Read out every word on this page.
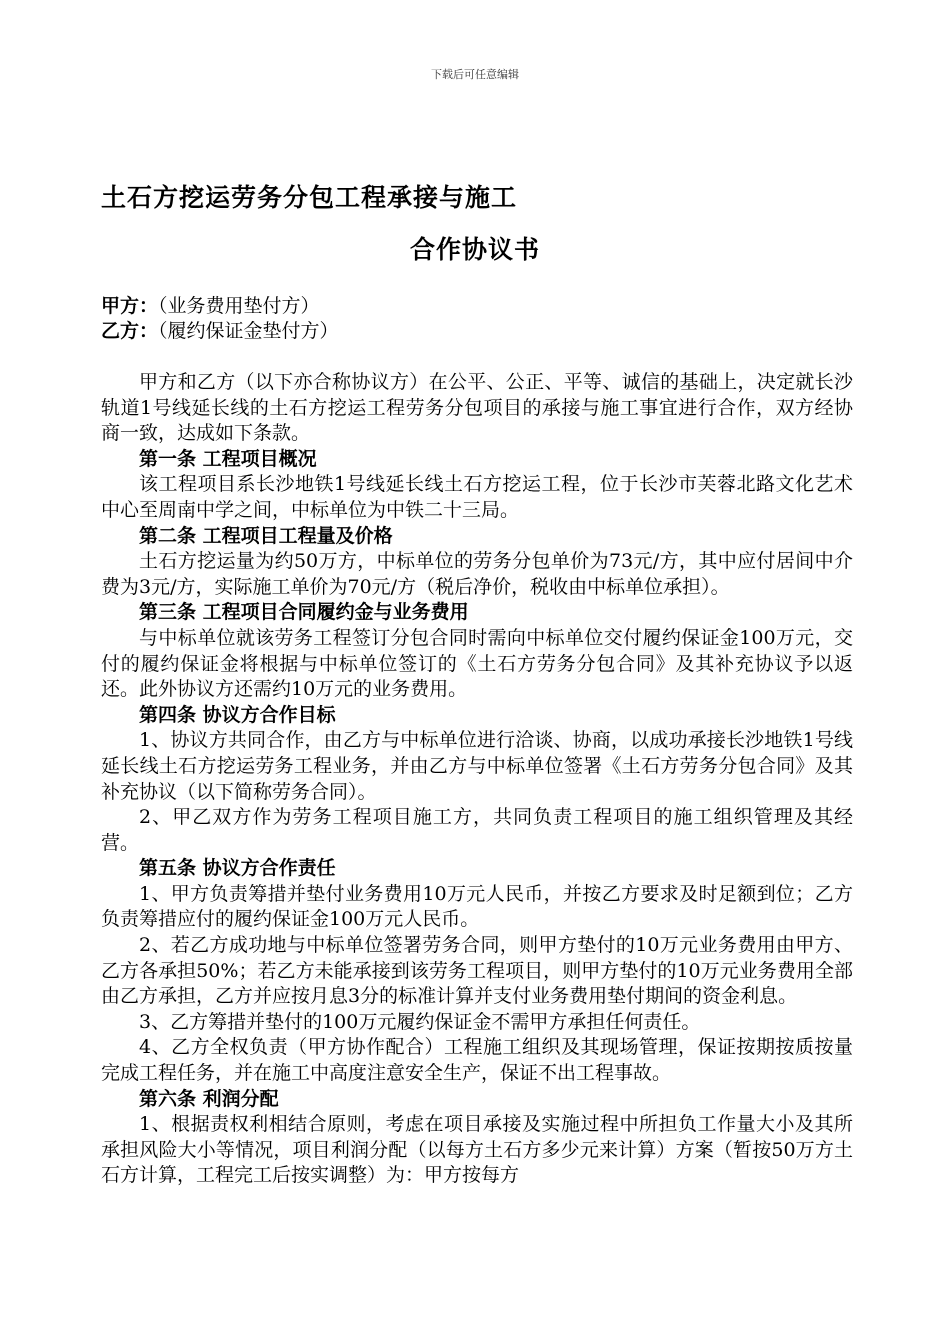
下载后可任意编辑
土石方挖运劳务分包工程承接与施工
合作协议书
甲方：（业务费用垫付方）
乙方：（履约保证金垫付方）

甲方和乙方（以下亦合称协议方）在公平、公正、平等、诚信的基础上，决定就长沙轨道1号线延长线的土石方挖运工程劳务分包项目的承接与施工事宜进行合作，双方经协商一致，达成如下条款。

第一条 工程项目概况

该工程项目系长沙地铁1号线延长线土石方挖运工程，位于长沙市芙蓉北路文化艺术中心至周南中学之间，中标单位为中铁二十三局。

第二条 工程项目工程量及价格

土石方挖运量为约50万方，中标单位的劳务分包单价为73元/方，其中应付居间中介费为3元/方，实际施工单价为70元/方（税后净价，税收由中标单位承担）。

第三条 工程项目合同履约金与业务费用

与中标单位就该劳务工程签订分包合同时需向中标单位交付履约保证金100万元，交付的履约保证金将根据与中标单位签订的《土石方劳务分包合同》及其补充协议予以返还。此外协议方还需约10万元的业务费用。

第四条 协议方合作目标

1、协议方共同合作，由乙方与中标单位进行洽谈、协商，以成功承接长沙地铁1号线延长线土石方挖运劳务工程业务，并由乙方与中标单位签署《土石方劳务分包合同》及其补充协议（以下简称劳务合同）。

2、甲乙双方作为劳务工程项目施工方，共同负责工程项目的施工组织管理及其经营。

第五条 协议方合作责任

1、甲方负责筹措并垫付业务费用10万元人民币，并按乙方要求及时足额到位；乙方负责筹措应付的履约保证金100万元人民币。

2、若乙方成功地与中标单位签署劳务合同，则甲方垫付的10万元业务费用由甲方、乙方各承担50%；若乙方未能承接到该劳务工程项目，则甲方垫付的10万元业务费用全部由乙方承担，乙方并应按月息3分的标准计算并支付业务费用垫付期间的资金利息。

3、乙方筹措并垫付的100万元履约保证金不需甲方承担任何责任。

4、乙方全权负责（甲方协作配合）工程施工组织及其现场管理，保证按期按质按量完成工程任务，并在施工中高度注意安全生产，保证不出工程事故。

第六条 利润分配

1、根据责权利相结合原则，考虑在项目承接及实施过程中所担负工作量大小及其所承担风险大小等情况，项目利润分配（以每方土石方多少元来计算）方案（暂按50万方土石方计算，工程完工后按实调整）为：甲方按每方
